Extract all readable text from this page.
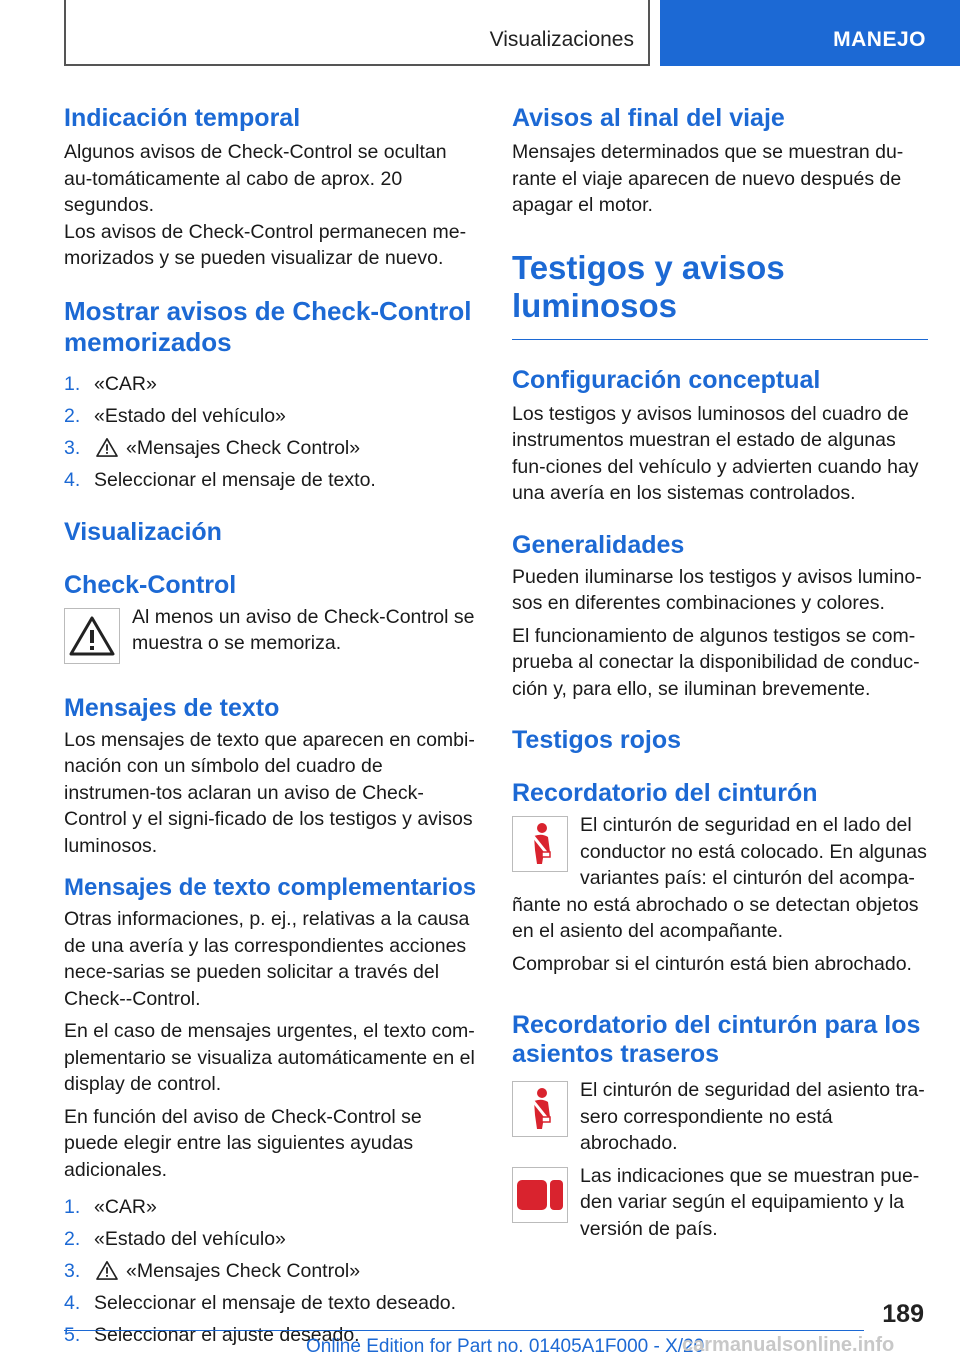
Visualizaciones	MANEJO
Indicación temporal

Algunos avisos de Check-Control se ocultan au-tomáticamente al cabo de aprox. 20 segundos.

Los avisos de Check-Control permanecen me-morizados y se pueden visualizar de nuevo.

Mostrar avisos de Check-Control memorizados
1. «CAR»
2. «Estado del vehículo»
3.	«Mensajes Check Control»
4. Seleccionar el mensaje de texto.
Visualización
Check-Control

Al menos un aviso de Check-Control se muestra o se memoriza.

Mensajes de texto

Los mensajes de texto que aparecen en combi-nación con un símbolo del cuadro de instrumen-tos aclaran un aviso de Check-Control y el signi-ficado de los testigos y avisos luminosos.

Mensajes de texto complementarios

Otras informaciones, p. ej., relativas a la causa de una avería y las correspondientes acciones nece-sarias se pueden solicitar a través del Check--Control.

En el caso de mensajes urgentes, el texto com-plementario se visualiza automáticamente en el display de control.

En función del aviso de Check-Control se puede elegir entre las siguientes ayudas adicionales.

1. «CAR»
2. «Estado del vehículo»
3.	«Mensajes Check Control»
4. Seleccionar el mensaje de texto deseado.
5. Seleccionar el ajuste deseado.
Avisos al final del viaje

Mensajes determinados que se muestran du-rante el viaje aparecen de nuevo después de apagar el motor.

Testigos y avisos luminosos
Configuración conceptual

Los testigos y avisos luminosos del cuadro de instrumentos muestran el estado de algunas fun-ciones del vehículo y advierten cuando hay una avería en los sistemas controlados.

Generalidades

Pueden iluminarse los testigos y avisos lumino-sos en diferentes combinaciones y colores.

El funcionamiento de algunos testigos se com-prueba al conectar la disponibilidad de conduc-ción y, para ello, se iluminan brevemente.

Testigos rojos
Recordatorio del cinturón

El cinturón de seguridad en el lado del conductor no está colocado. En algunas variantes país: el cinturón del acompa-

ñante no está abrochado o se detectan objetos en el asiento del acompañante.

Comprobar si el cinturón está bien abrochado.

Recordatorio del cinturón para los asientos traseros

El cinturón de seguridad del asiento tra-sero correspondiente no está abrochado.

Las indicaciones que se muestran pue-den variar según el equipamiento y la versión de país.

189
Online Edition for Part no. 01405A1F000 - X/20
carmanualsonline.info
